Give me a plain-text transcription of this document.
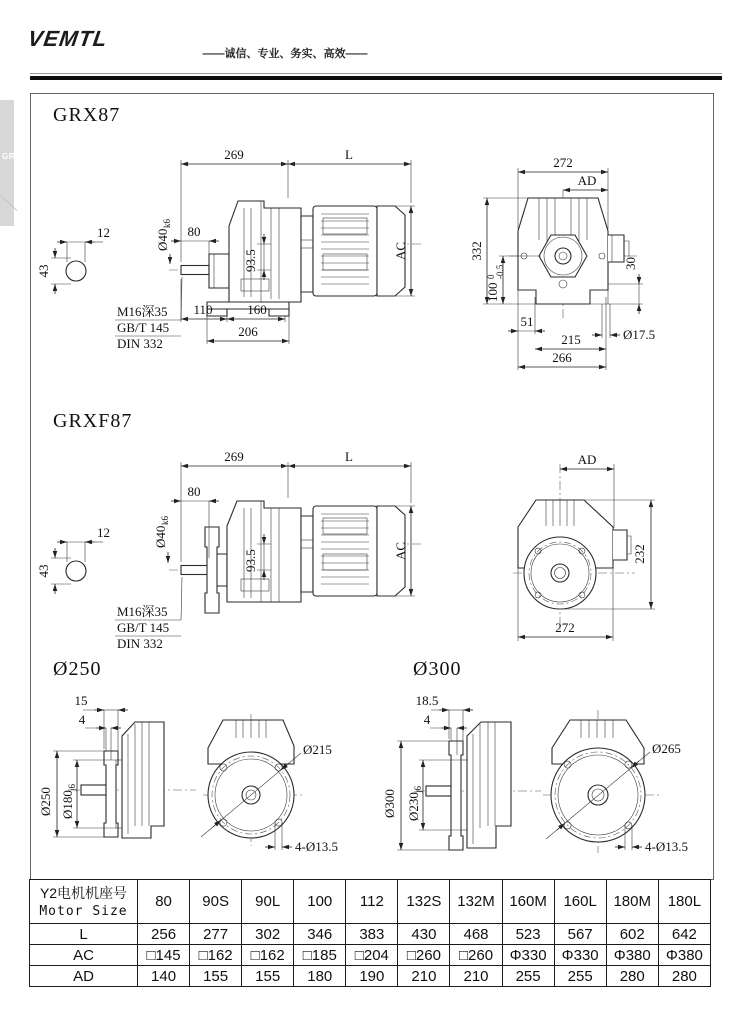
VEMTL
——诚信、专业、务实、高效——
GR
GRX87
12
43
269	L
80
Ø40
k6
93.5	AC
110	160
206
M16深35
GB/T 145
DIN 332
272
AD
332
100
0 -0.5
30
51
215
266
Ø17.5
GRXF87
Ø250	Ø300
12
43
269	L
80
Ø40
k6
93.5	AC
M16深35
GB/T 145
DIN 332
AD
232
272
15
4
Ø250 Ø180
j6
Ø215
4-Ø13.5
18.5
4
Ø300 Ø230
j6
Ø265
4-Ø13.5
Y2电机机座号
Motor Size	80	90S	90L	100	112	132S	132M	160M	160L	180M	180L
L	256	277	302	346	383	430	468	523	567	602	642
AC	□145	□162	□162	□185	□204	□260	□260	Φ330	Φ330	Φ380	Φ380
AD	140	155	155	180	190	210	210	255	255	280	280
